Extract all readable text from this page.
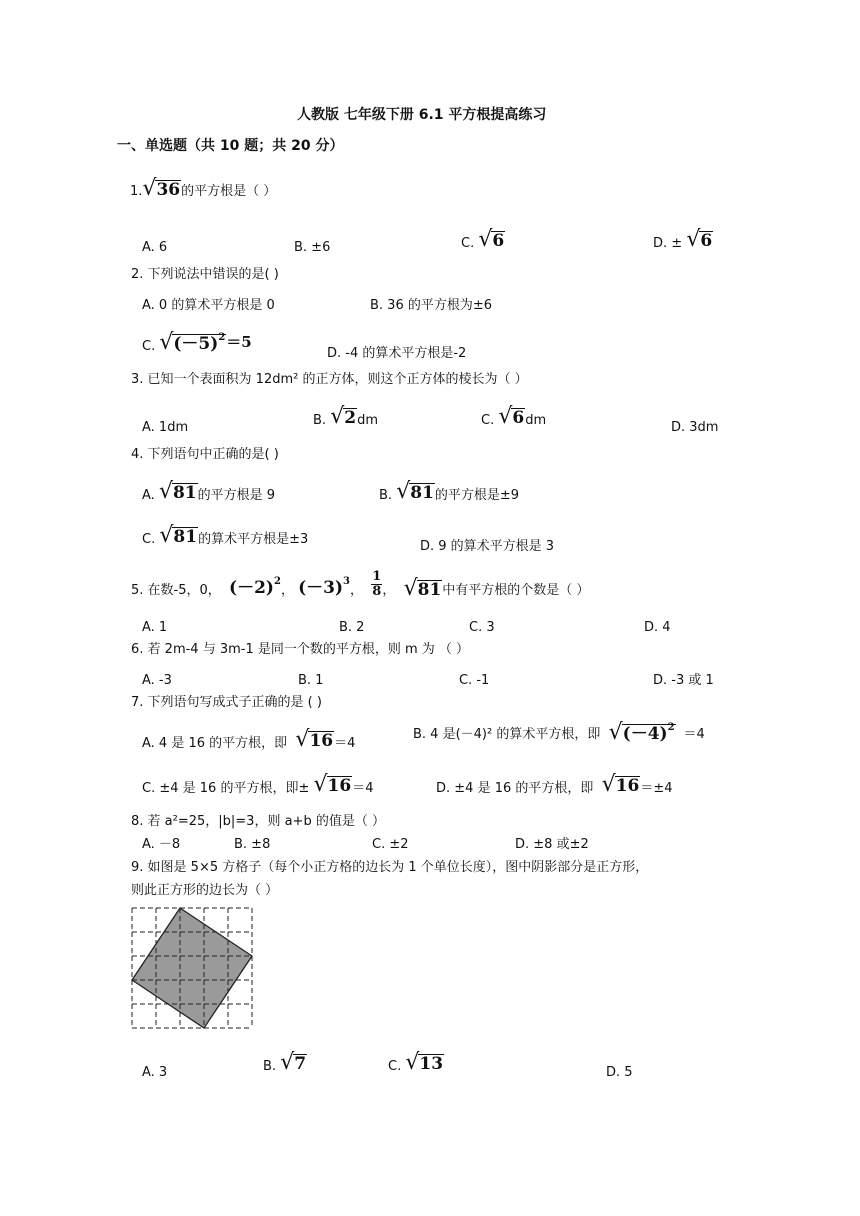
人教版 七年级下册 6.1 平方根提高练习
一、单选题（共 10 题；共 20 分）
1. √ 36 的平方根是（ ）
A. 6	B. ±6	C.
√ 6	D. ±
√ 6
2. 下列说法中错误的是( )
A. 0 的算术平方根是 0	B. 36 的平方根为±6
C.
√ $(-5)^2 =5$
D. -4 的算术平方根是-2
3. 已知一个表面积为 12dm² 的正方体，则这个正方体的棱长为（ ）
A. 1dm	B.
√ 2 dm	C.
√ 6 dm	D. 3dm
4. 下列语句中正确的是( )
A.
√ 81 的平方根是 9	B.
√ 81 的平方根是±9
C.
√ 81 的算术平方根是±3	D. 9 的算术平方根是 3
5. 在数-5，0，
$(-2)^2$
，
$(-3)^3$
，
$\frac{1}{8}$ ，
√ 81 中有平方根的个数是（ ）
A. 1	B. 2	C. 3	D. 4
6. 若 2m-4 与 3m-1 是同一个数的平方根，则 m 为 （ ）
A. -3	B. 1	C. -1	D. -3 或 1
7. 下列语句写成式子正确的是 ( )
A. 4 是 16 的平方根，即
√ 16 ＝4
B. 4 是(－4)² 的算术平方根，即
√ $(-4)^2 =4$
C. ±4 是 16 的平方根，即±
√ 16 ＝4	D. ±4 是 16 的平方根，即
√ 16 ＝±4
8. 若 a²=25，|b|=3，则 a+b 的值是（ ）
A. －8	B. ±8	C. ±2	D. ±8 或±2
9. 如图是 5×5 方格子（每个小正方格的边长为 1 个单位长度），图中阴影部分是正方形，
则此正方形的边长为（ ）
A. 3	B.
√ 7	C.
√ 13	D. 5
